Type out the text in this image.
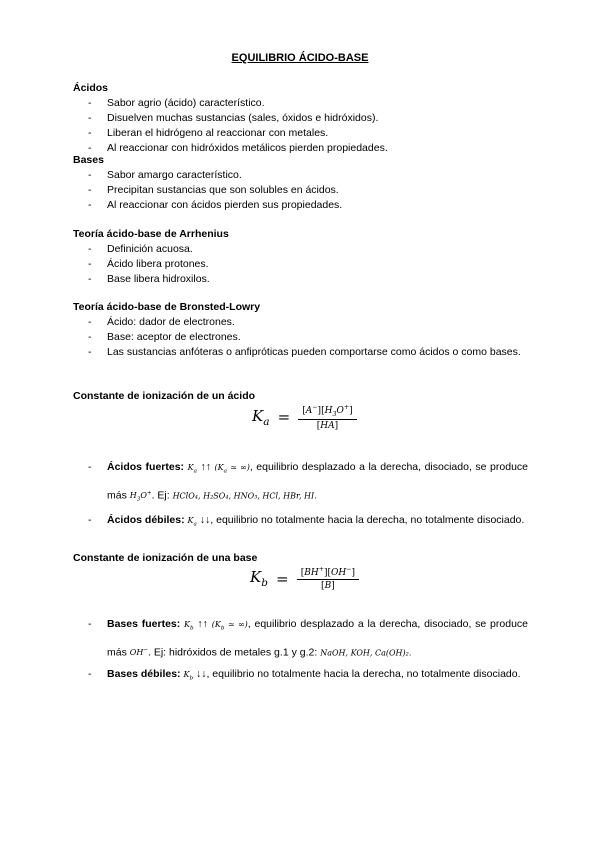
EQUILIBRIO ÁCIDO-BASE
Ácidos
- Sabor agrio (ácido) característico.
- Disuelven muchas sustancias (sales, óxidos e hidróxidos).
- Liberan el hidrógeno al reaccionar con metales.
- Al reaccionar con hidróxidos metálicos pierden propiedades.
Bases
- Sabor amargo característico.
- Precipitan sustancias que son solubles en ácidos.
- Al reaccionar con ácidos pierden sus propiedades.
Teoría ácido-base de Arrhenius
- Definición acuosa.
- Ácido libera protones.
- Base libera hidroxilos.
Teoría ácido-base de Bronsted-Lowry
- Ácido: dador de electrones.
- Base: aceptor de electrones.
- Las sustancias anfóteras o anfipróticas pueden comportarse como ácidos o como bases.
Constante de ionización de un ácido
$K_a = \frac{[A^-][H_3O^+]}{[HA]}$
- Ácidos fuertes: $K_a$ ↑↑ ($K_a$ ≃ ∞), equilibrio desplazado a la derecha, disociado, se produce más $H_3O^+$. Ej: HClO₄, H₂SO₄, HNO₃, HCl, HBr, HI.
- Ácidos débiles: $K_a$ ↓↓, equilibrio no totalmente hacia la derecha, no totalmente disociado.
Constante de ionización de una base
$K_b = \frac{[BH^+][OH^-]}{[B]}$
- Bases fuertes: $K_b$ ↑↑ ($K_b$ ≃ ∞), equilibrio desplazado a la derecha, disociado, se produce más OH−. Ej: hidróxidos de metales g.1 y g.2: NaOH, KOH, Ca(OH)₂.
- Bases débiles: $K_b$ ↓↓, equilibrio no totalmente hacia la derecha, no totalmente disociado.
